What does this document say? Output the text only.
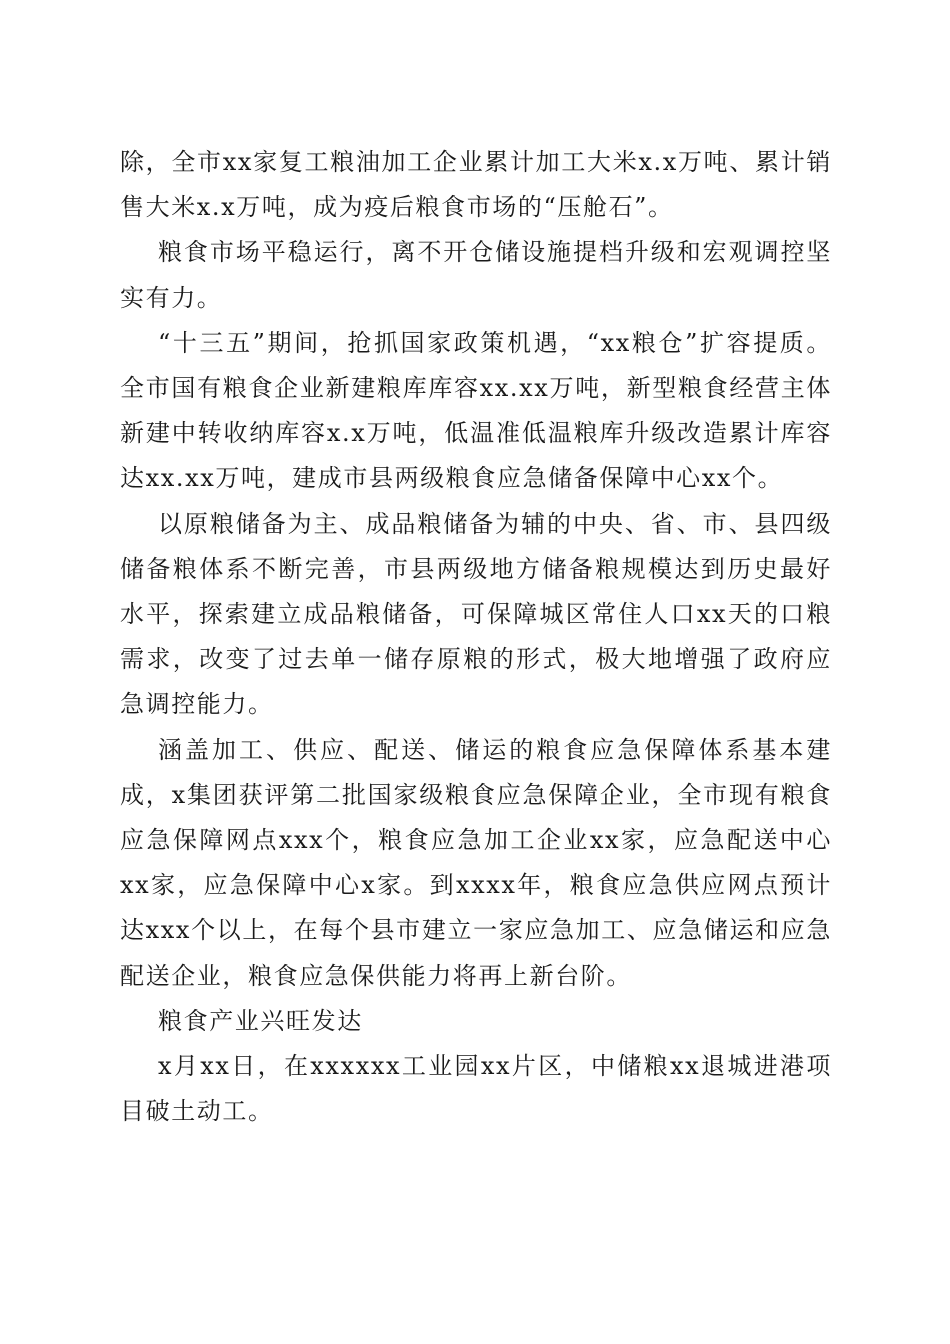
除，全市xx家复工粮油加工企业累计加工大米x.x万吨、累计销售大米x.x万吨，成为疫后粮食市场的“压舱石”。

粮食市场平稳运行，离不开仓储设施提档升级和宏观调控坚实有力。

“十三五”期间，抢抓国家政策机遇，“xx粮仓”扩容提质。全市国有粮食企业新建粮库库容xx.xx万吨，新型粮食经营主体新建中转收纳库容x.x万吨，低温准低温粮库升级改造累计库容达xx.xx万吨，建成市县两级粮食应急储备保障中心xx个。

以原粮储备为主、成品粮储备为辅的中央、省、市、县四级储备粮体系不断完善，市县两级地方储备粮规模达到历史最好水平，探索建立成品粮储备，可保障城区常住人口xx天的口粮需求，改变了过去单一储存原粮的形式，极大地增强了政府应急调控能力。

涵盖加工、供应、配送、储运的粮食应急保障体系基本建成，x集团获评第二批国家级粮食应急保障企业，全市现有粮食应急保障网点xxx个，粮食应急加工企业xx家，应急配送中心xx家，应急保障中心x家。到xxxx年，粮食应急供应网点预计达xxx个以上，在每个县市建立一家应急加工、应急储运和应急配送企业，粮食应急保供能力将再上新台阶。

粮食产业兴旺发达

x月xx日，在xxxxxx工业园xx片区，中储粮xx退城进港项目破土动工。
